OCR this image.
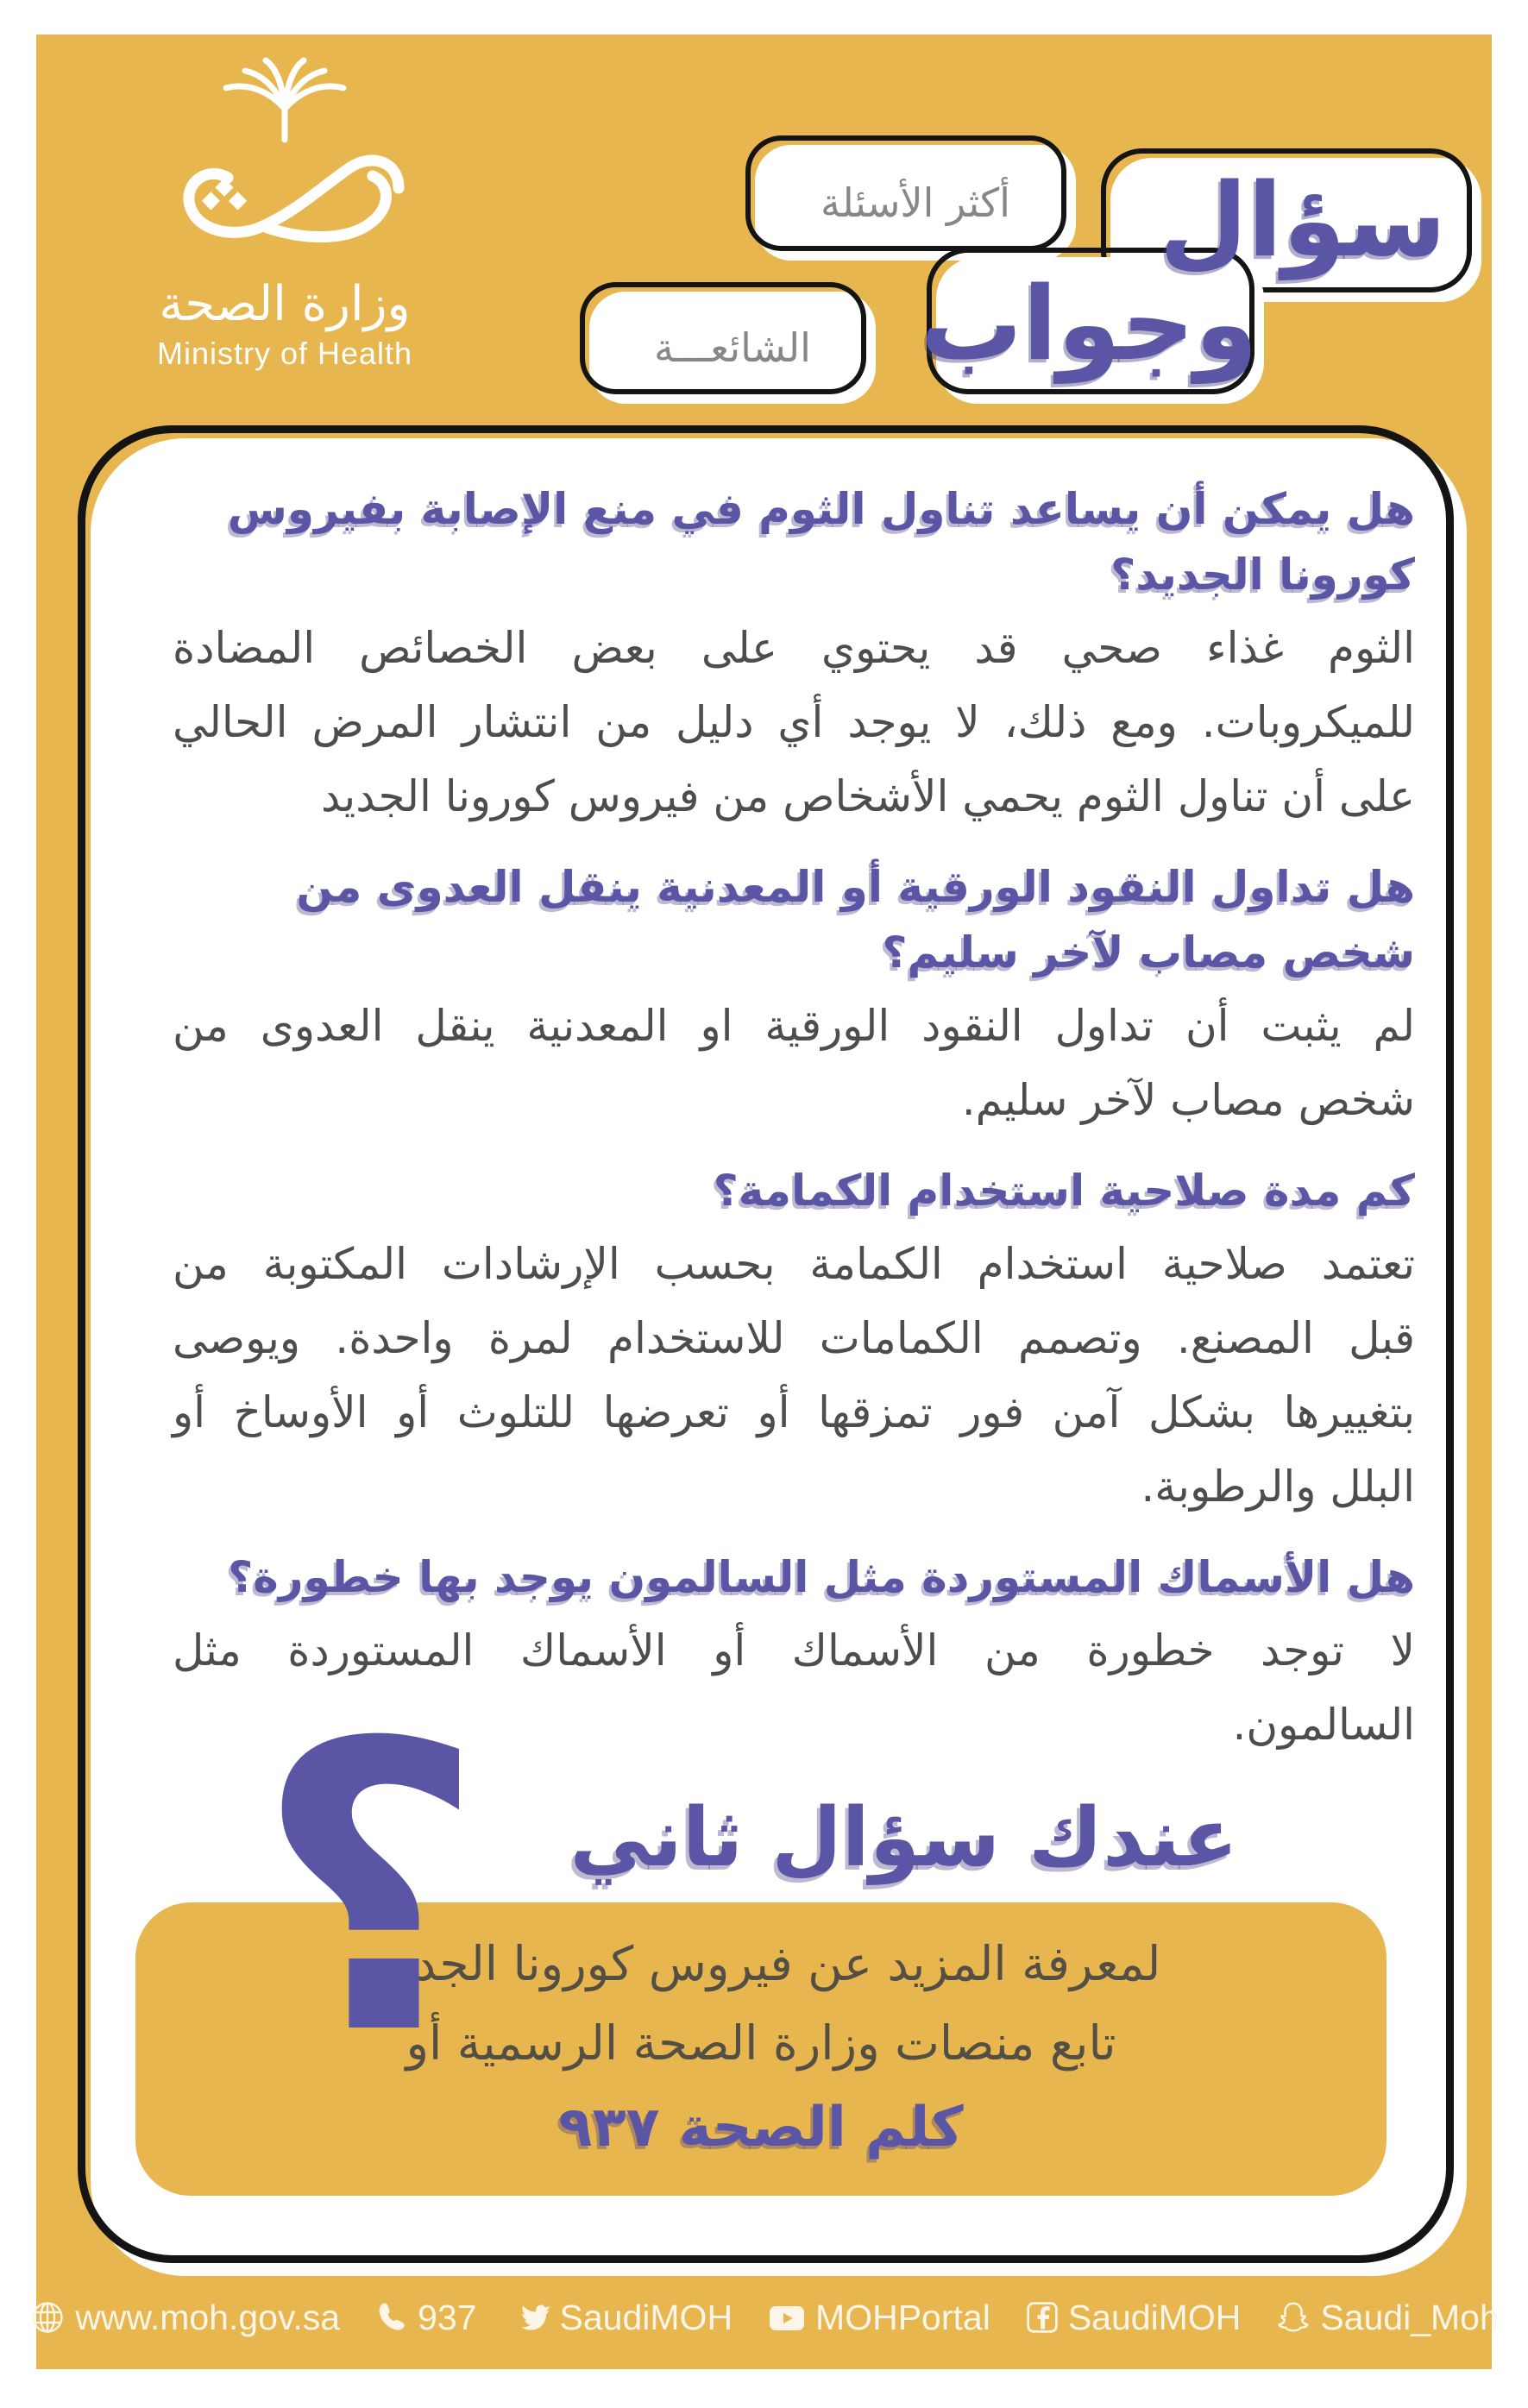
وزارة الصحة
Ministry of Health
أكثر الأسئلة
الشائعـــة
سؤال
وجواب
هل يمكن أن يساعد تناول الثوم في منع الإصابة بفيروس
كورونا الجديد؟
الثوم غذاء صحي قد يحتوي على بعض الخصائص المضادة
للميكروبات. ومع ذلك، لا يوجد أي دليل من انتشار المرض الحالي
على أن تناول الثوم يحمي الأشخاص من فيروس كورونا الجديد
هل تداول النقود الورقية أو المعدنية ينقل العدوى من
شخص مصاب لآخر سليم؟
لم يثبت أن تداول النقود الورقية او المعدنية ينقل العدوى من
شخص مصاب لآخر سليم.
كم مدة صلاحية استخدام الكمامة؟
تعتمد صلاحية استخدام الكمامة بحسب الإرشادات المكتوبة من
قبل المصنع. وتصمم الكمامات للاستخدام لمرة واحدة. ويوصى
بتغييرها بشكل آمن فور تمزقها أو تعرضها للتلوث أو الأوساخ أو
البلل والرطوبة.
هل الأسماك المستوردة مثل السالمون يوجد بها خطورة؟
لا توجد خطورة من الأسماك أو الأسماك المستوردة مثل
السالمون.
عندك سؤال ثاني
؟
لمعرفة المزيد عن فيروس كورونا الجديد،
تابع منصات وزارة الصحة الرسمية أو
كلم الصحة ٩٣٧
www.moh.gov.sa 937 SaudiMOH MOHPortal SaudiMOH Saudi_Moh
